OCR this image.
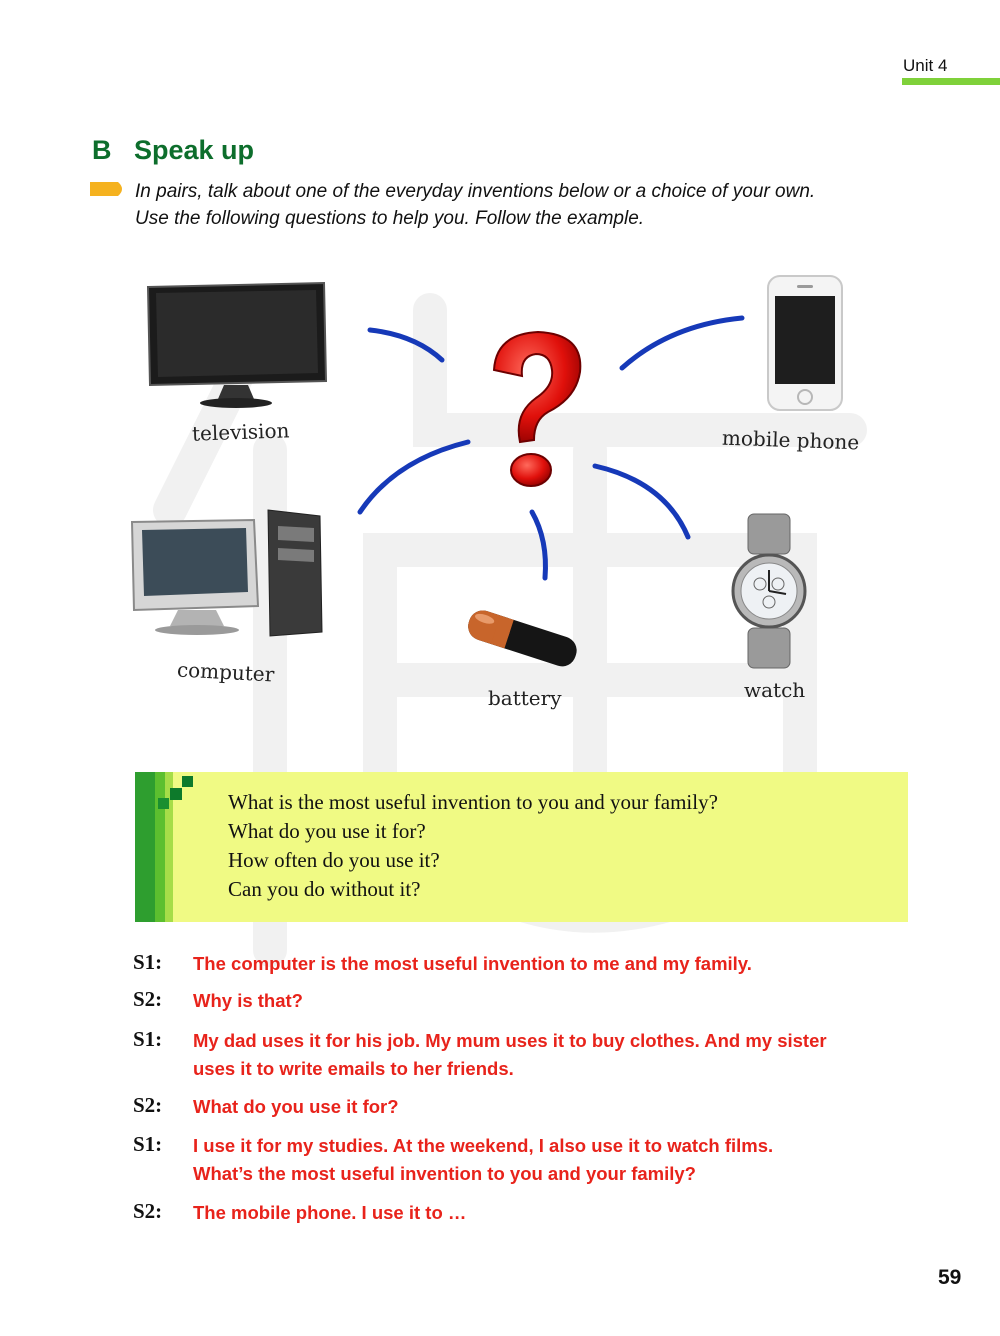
Unit 4
B Speak up
In pairs, talk about one of the everyday inventions below or a choice of your own.
Use the following questions to help you. Follow the example.
television	mobile phone
computer
battery	watch
What is the most useful invention to you and your family?
What do you use it for?
How often do you use it?
Can you do without it?
S1: The computer is the most useful invention to me and my family.
S2: Why is that?
S1: My dad uses it for his job. My mum uses it to buy clothes. And my sister
uses it to write emails to her friends.
S2: What do you use it for?
S1: I use it for my studies. At the weekend, I also use it to watch films.
What’s the most useful invention to you and your family?
S2: The mobile phone. I use it to …
59
